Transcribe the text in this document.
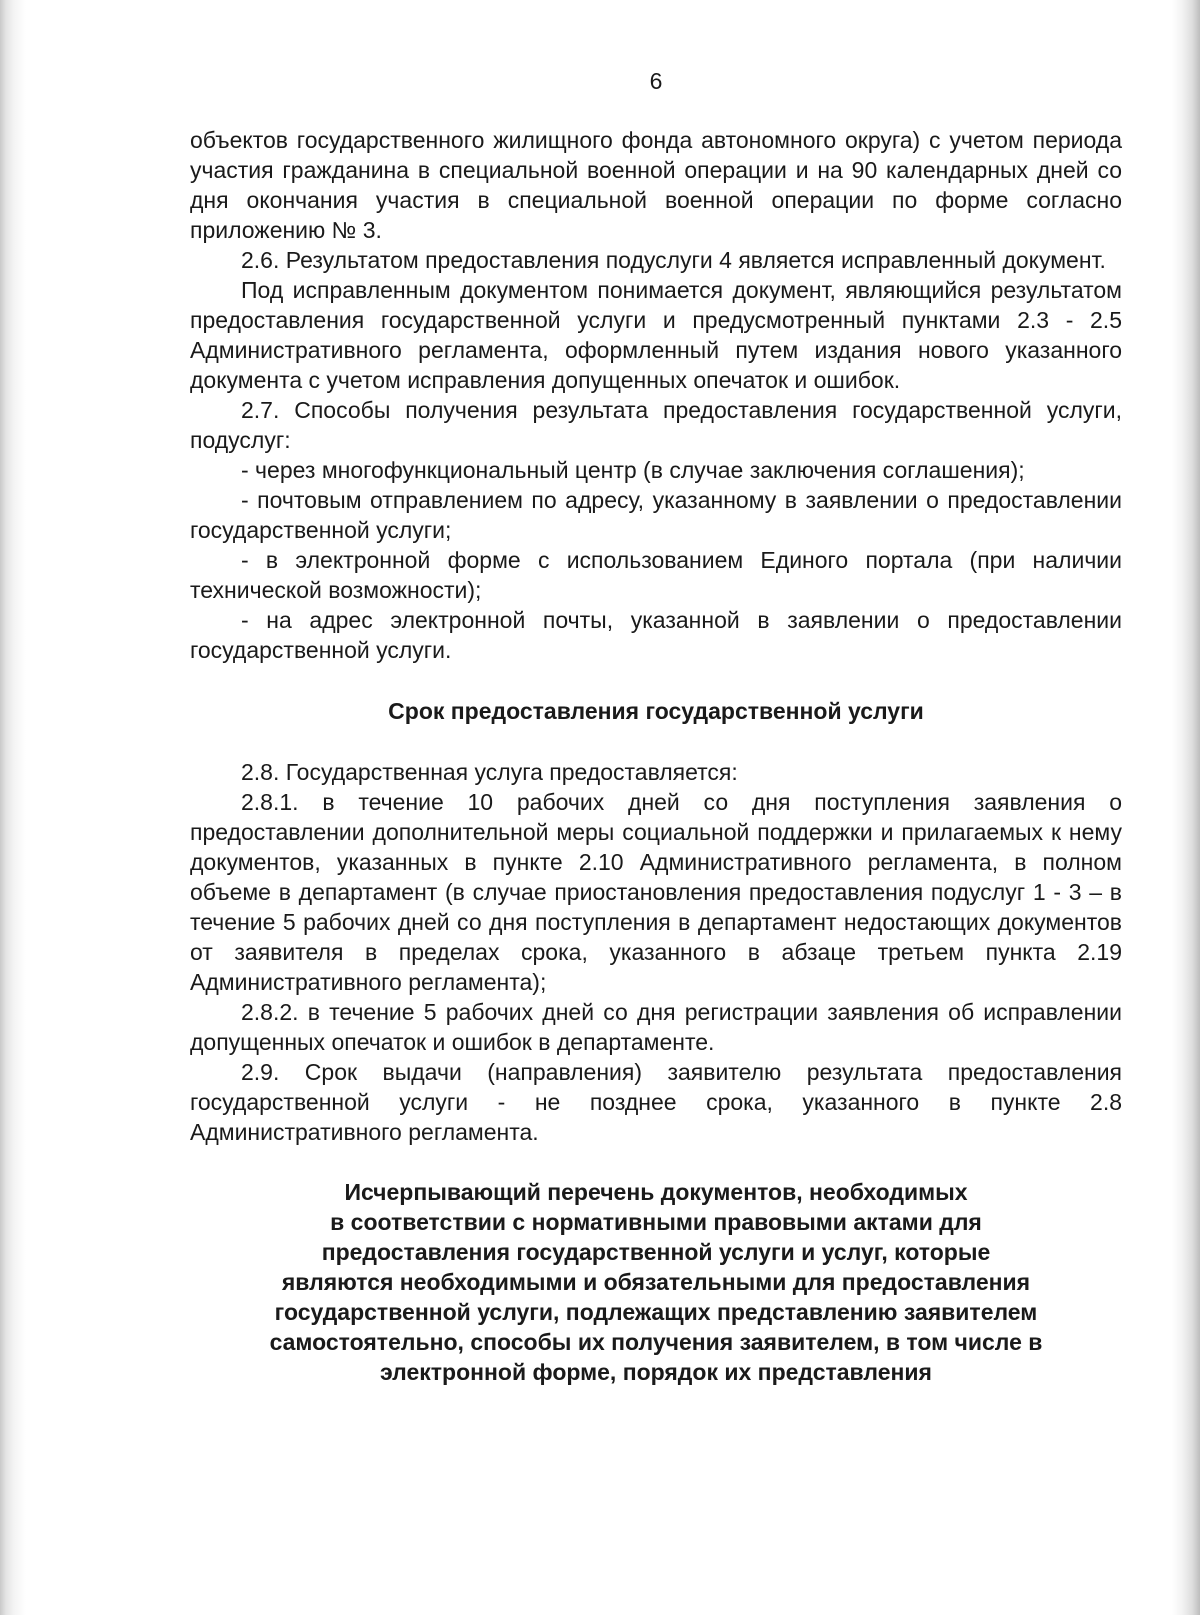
6

объектов государственного жилищного фонда автономного округа) с учетом периода участия гражданина в специальной военной операции и на 90 календарных дней со дня окончания участия в специальной военной операции по форме согласно приложению № 3.

2.6. Результатом предоставления подуслуги 4 является исправленный документ.

Под исправленным документом понимается документ, являющийся результатом предоставления государственной услуги и предусмотренный пунктами 2.3 - 2.5 Административного регламента, оформленный путем издания нового указанного документа с учетом исправления допущенных опечаток и ошибок.

2.7. Способы получения результата предоставления государственной услуги, подуслуг:

- через многофункциональный центр (в случае заключения соглашения);

- почтовым отправлением по адресу, указанному в заявлении о предоставлении государственной услуги;

- в электронной форме с использованием Единого портала (при наличии технической возможности);

- на адрес электронной почты, указанной в заявлении о предоставлении государственной услуги.

Срок предоставления государственной услуги

2.8. Государственная услуга предоставляется:

2.8.1. в течение 10 рабочих дней со дня поступления заявления о предоставлении дополнительной меры социальной поддержки и прилагаемых к нему документов, указанных в пункте 2.10 Административного регламента, в полном объеме в департамент (в случае приостановления предоставления подуслуг 1 - 3 – в течение 5 рабочих дней со дня поступления в департамент недостающих документов от заявителя в пределах срока, указанного в абзаце третьем пункта 2.19 Административного регламента);

2.8.2. в течение 5 рабочих дней со дня регистрации заявления об исправлении допущенных опечаток и ошибок в департаменте.

2.9. Срок выдачи (направления) заявителю результата предоставления государственной услуги - не позднее срока, указанного в пункте 2.8 Административного регламента.

Исчерпывающий перечень документов, необходимых
в соответствии с нормативными правовыми актами для
предоставления государственной услуги и услуг, которые
являются необходимыми и обязательными для предоставления
государственной услуги, подлежащих представлению заявителем
самостоятельно, способы их получения заявителем, в том числе в
электронной форме, порядок их представления
